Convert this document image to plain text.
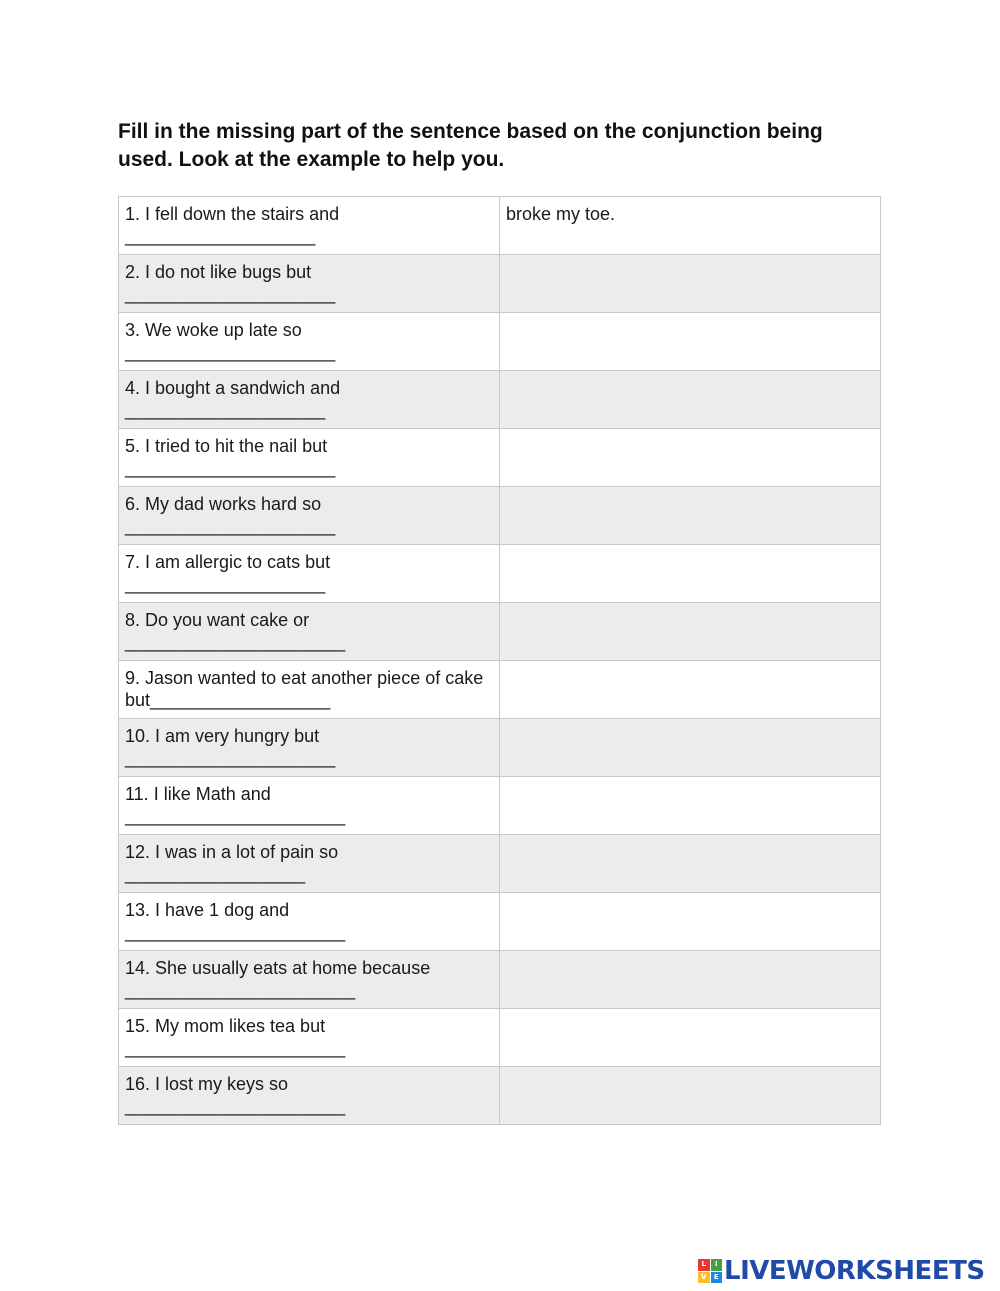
Fill in the missing part of the sentence based on the conjunction being used. Look at the example to help you.
1. I fell down the stairs and ___________________	broke my toe.
2. I do not like bugs but _____________________	
3. We woke up late so _____________________	
4. I bought a sandwich and ____________________	
5. I tried to hit the nail but _____________________	
6. My dad works hard so _____________________	
7. I am allergic to cats but ____________________	
8. Do you want cake or ______________________	
9. Jason wanted to eat another piece of cake but__________________	
10. I am very hungry but _____________________	
11. I like Math and ______________________	
12. I was in a lot of pain so __________________	
13. I have 1 dog and ______________________	
14. She usually eats at home because _______________________	
15. My mom likes tea but ______________________	
16. I lost my keys so ______________________	
L	I
V	E LIVEWORKSHEETS
